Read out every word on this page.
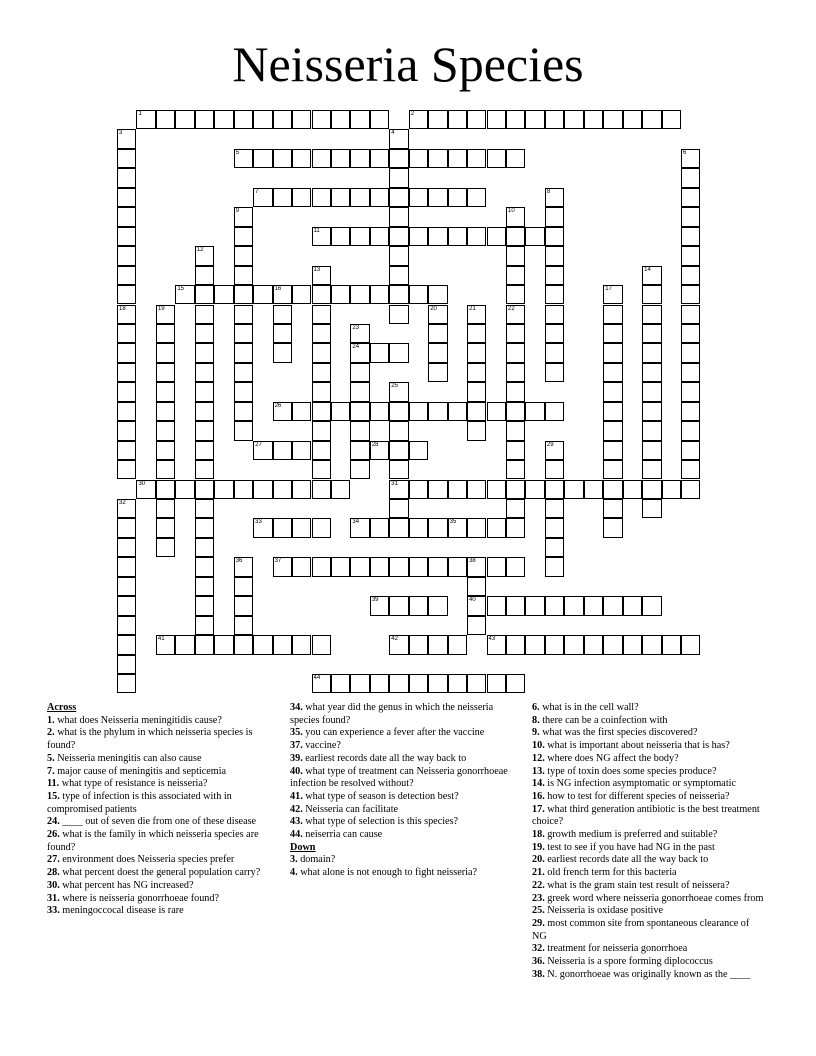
Neisseria Species
1	2
3	4
5	6
7	8
9	10
11
12
13	14
15	16	17
18	19	20	21	22
23
24
25
31
26
27	28	29
30
32
33	34	35
36	37	38
40
39
41	42	43
44
Across
1. what does Neisseria meningitidis cause?
2. what is the phylum in which neisseria species is found?
5. Neisseria meningitis can also cause
7. major cause of meningitis and septicemia
11. what type of resistance is neisseria?
15. type of infection is this associated with in compromised patients
24. ____ out of seven die from one of these disease
26. what is the family in which neisseria species are found?
27. environment does Neisseria species prefer
28. what percent doest the general population carry?
30. what percent has NG increased?
31. where is neisseria gonorrhoeae found?
33. meningoccocal disease is rare
34. what year did the genus in which the neisseria species found?
35. you can experience a fever after the vaccine
37. vaccine?
39. earliest records date all the way back to
40. what type of treatment can Neisseria gonorrhoeae infection be resolved without?
41. what type of season is detection best?
42. Neisseria can facilitate
43. what type of selection is this species?
44. neiserria can cause
Down
3. domain?
4. what alone is not enough to fight neisseria?
6. what is in the cell wall?
8. there can be a coinfection with
9. what was the first species discovered?
10. what is important about neisseria that is has?
12. where does NG affect the body?
13. type of toxin does some species produce?
14. is NG infection asymptomatic or symptomatic
16. how to test for different species of neisseria?
17. what third generation antibiotic is the best treatment choice?
18. growth medium is preferred and suitable?
19. test to see if you have had NG in the past
20. earliest records date all the way back to
21. old french term for this bacteria
22. what is the gram stain test result of neissera?
23. greek word where neisseria gonorrhoeae comes from
25. Neisseria is oxidase positive
29. most common site from spontaneous clearance of NG
32. treatment for neisseria gonorrhoea
36. Neisseria is a spore forming diplococcus
38. N. gonorrhoeae was originally known as the ____
